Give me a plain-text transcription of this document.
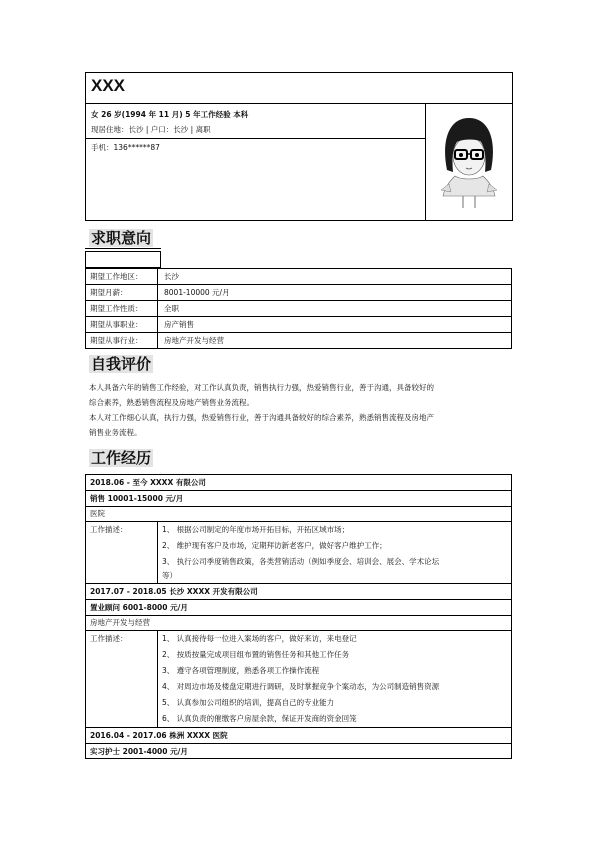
XXX
女 26 岁(1994 年 11 月) 5 年工作经验 本科
现居住地：长沙 | 户口：长沙 | 离职
手机：136******87
求职意向
期望工作地区：	长沙
期望月薪：	8001-10000 元/月
期望工作性质：	全职
期望从事职业：	房产销售
期望从事行业：	房地产开发与经营
自我评价
本人具备六年的销售工作经验，对工作认真负责，销售执行力强，热爱销售行业，善于沟通，具备较好的
综合素养，熟悉销售流程及房地产销售业务流程。
本人对工作细心认真，执行力强，热爱销售行业，善于沟通具备较好的综合素养，熟悉销售流程及房地产
销售业务流程。
工作经历
2018.06 - 至今 XXXX 有限公司
销售 10001-15000 元/月
医院
工作描述：	1、 根据公司制定的年度市场开拓目标，开拓区域市场；
2、 维护现有客户及市场，定期拜访新老客户，做好客户维护工作；
3、 执行公司季度销售政策，各类营销活动（例如季度会、培训会、展会、学术论坛
等）
2017.07 - 2018.05 长沙 XXXX 开发有限公司
置业顾问 6001-8000 元/月
房地产开发与经营
工作描述：	1、 认真接待每一位进入案场的客户，做好来访，来电登记
2、 按质按量完成项目组布置的销售任务和其他工作任务
3、 遵守各项管理制度，熟悉各项工作操作流程
4、 对周边市场及楼盘定期进行调研，及时掌握竞争个案动态，为公司制造销售资源
5、 认真参加公司组织的培训，提高自己的专业能力
6、 认真负责的催缴客户房屋余款，保证开发商的资金回笼
2016.04 - 2017.06 株洲 XXXX 医院
实习护士 2001-4000 元/月
